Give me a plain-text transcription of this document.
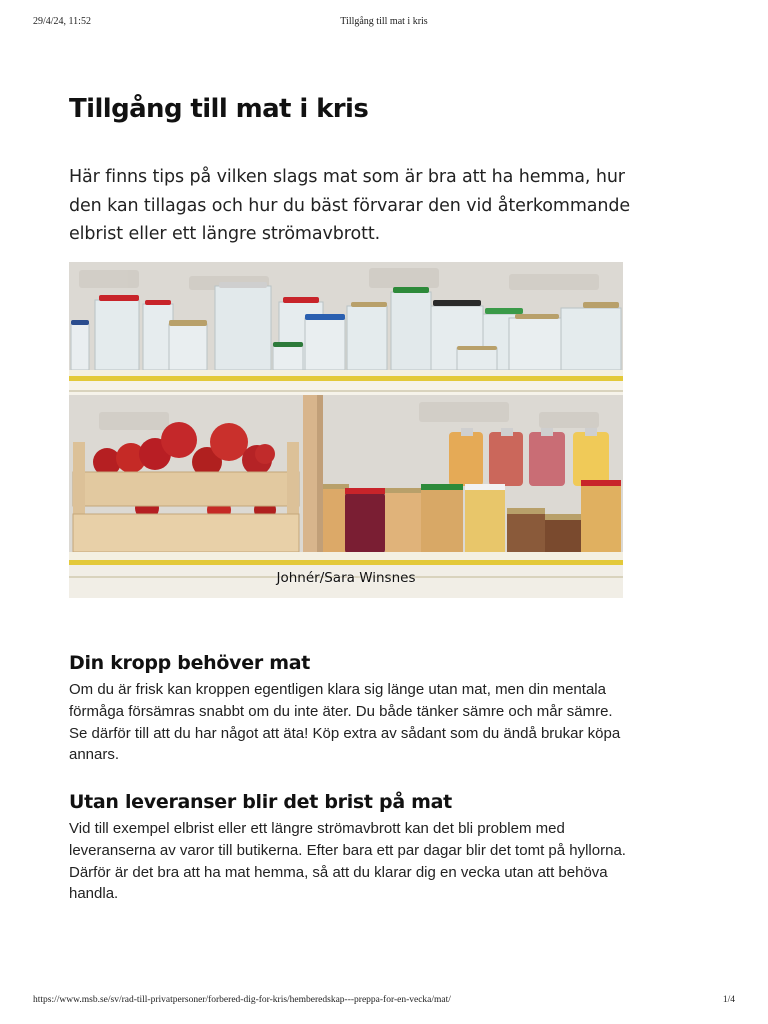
29/4/24, 11:52	Tillgång till mat i kris
Tillgång till mat i kris

Här finns tips på vilken slags mat som är bra att ha hemma, hur den kan tillagas och hur du bäst förvarar den vid återkommande elbrist eller ett längre strömavbrott.

Johnér/Sara Winsnes
Din kropp behöver mat

Om du är frisk kan kroppen egentligen klara sig länge utan mat, men din mentala förmåga försämras snabbt om du inte äter. Du både tänker sämre och mår sämre. Se därför till att du har något att äta! Köp extra av sådant som du ändå brukar köpa annars.

Utan leveranser blir det brist på mat

Vid till exempel elbrist eller ett längre strömavbrott kan det bli problem med leveranserna av varor till butikerna. Efter bara ett par dagar blir det tomt på hyllorna. Därför är det bra att ha mat hemma, så att du klarar dig en vecka utan att behöva handla.

https://www.msb.se/sv/rad-till-privatpersoner/forbered-dig-for-kris/hemberedskap---preppa-for-en-vecka/mat/	1/4
